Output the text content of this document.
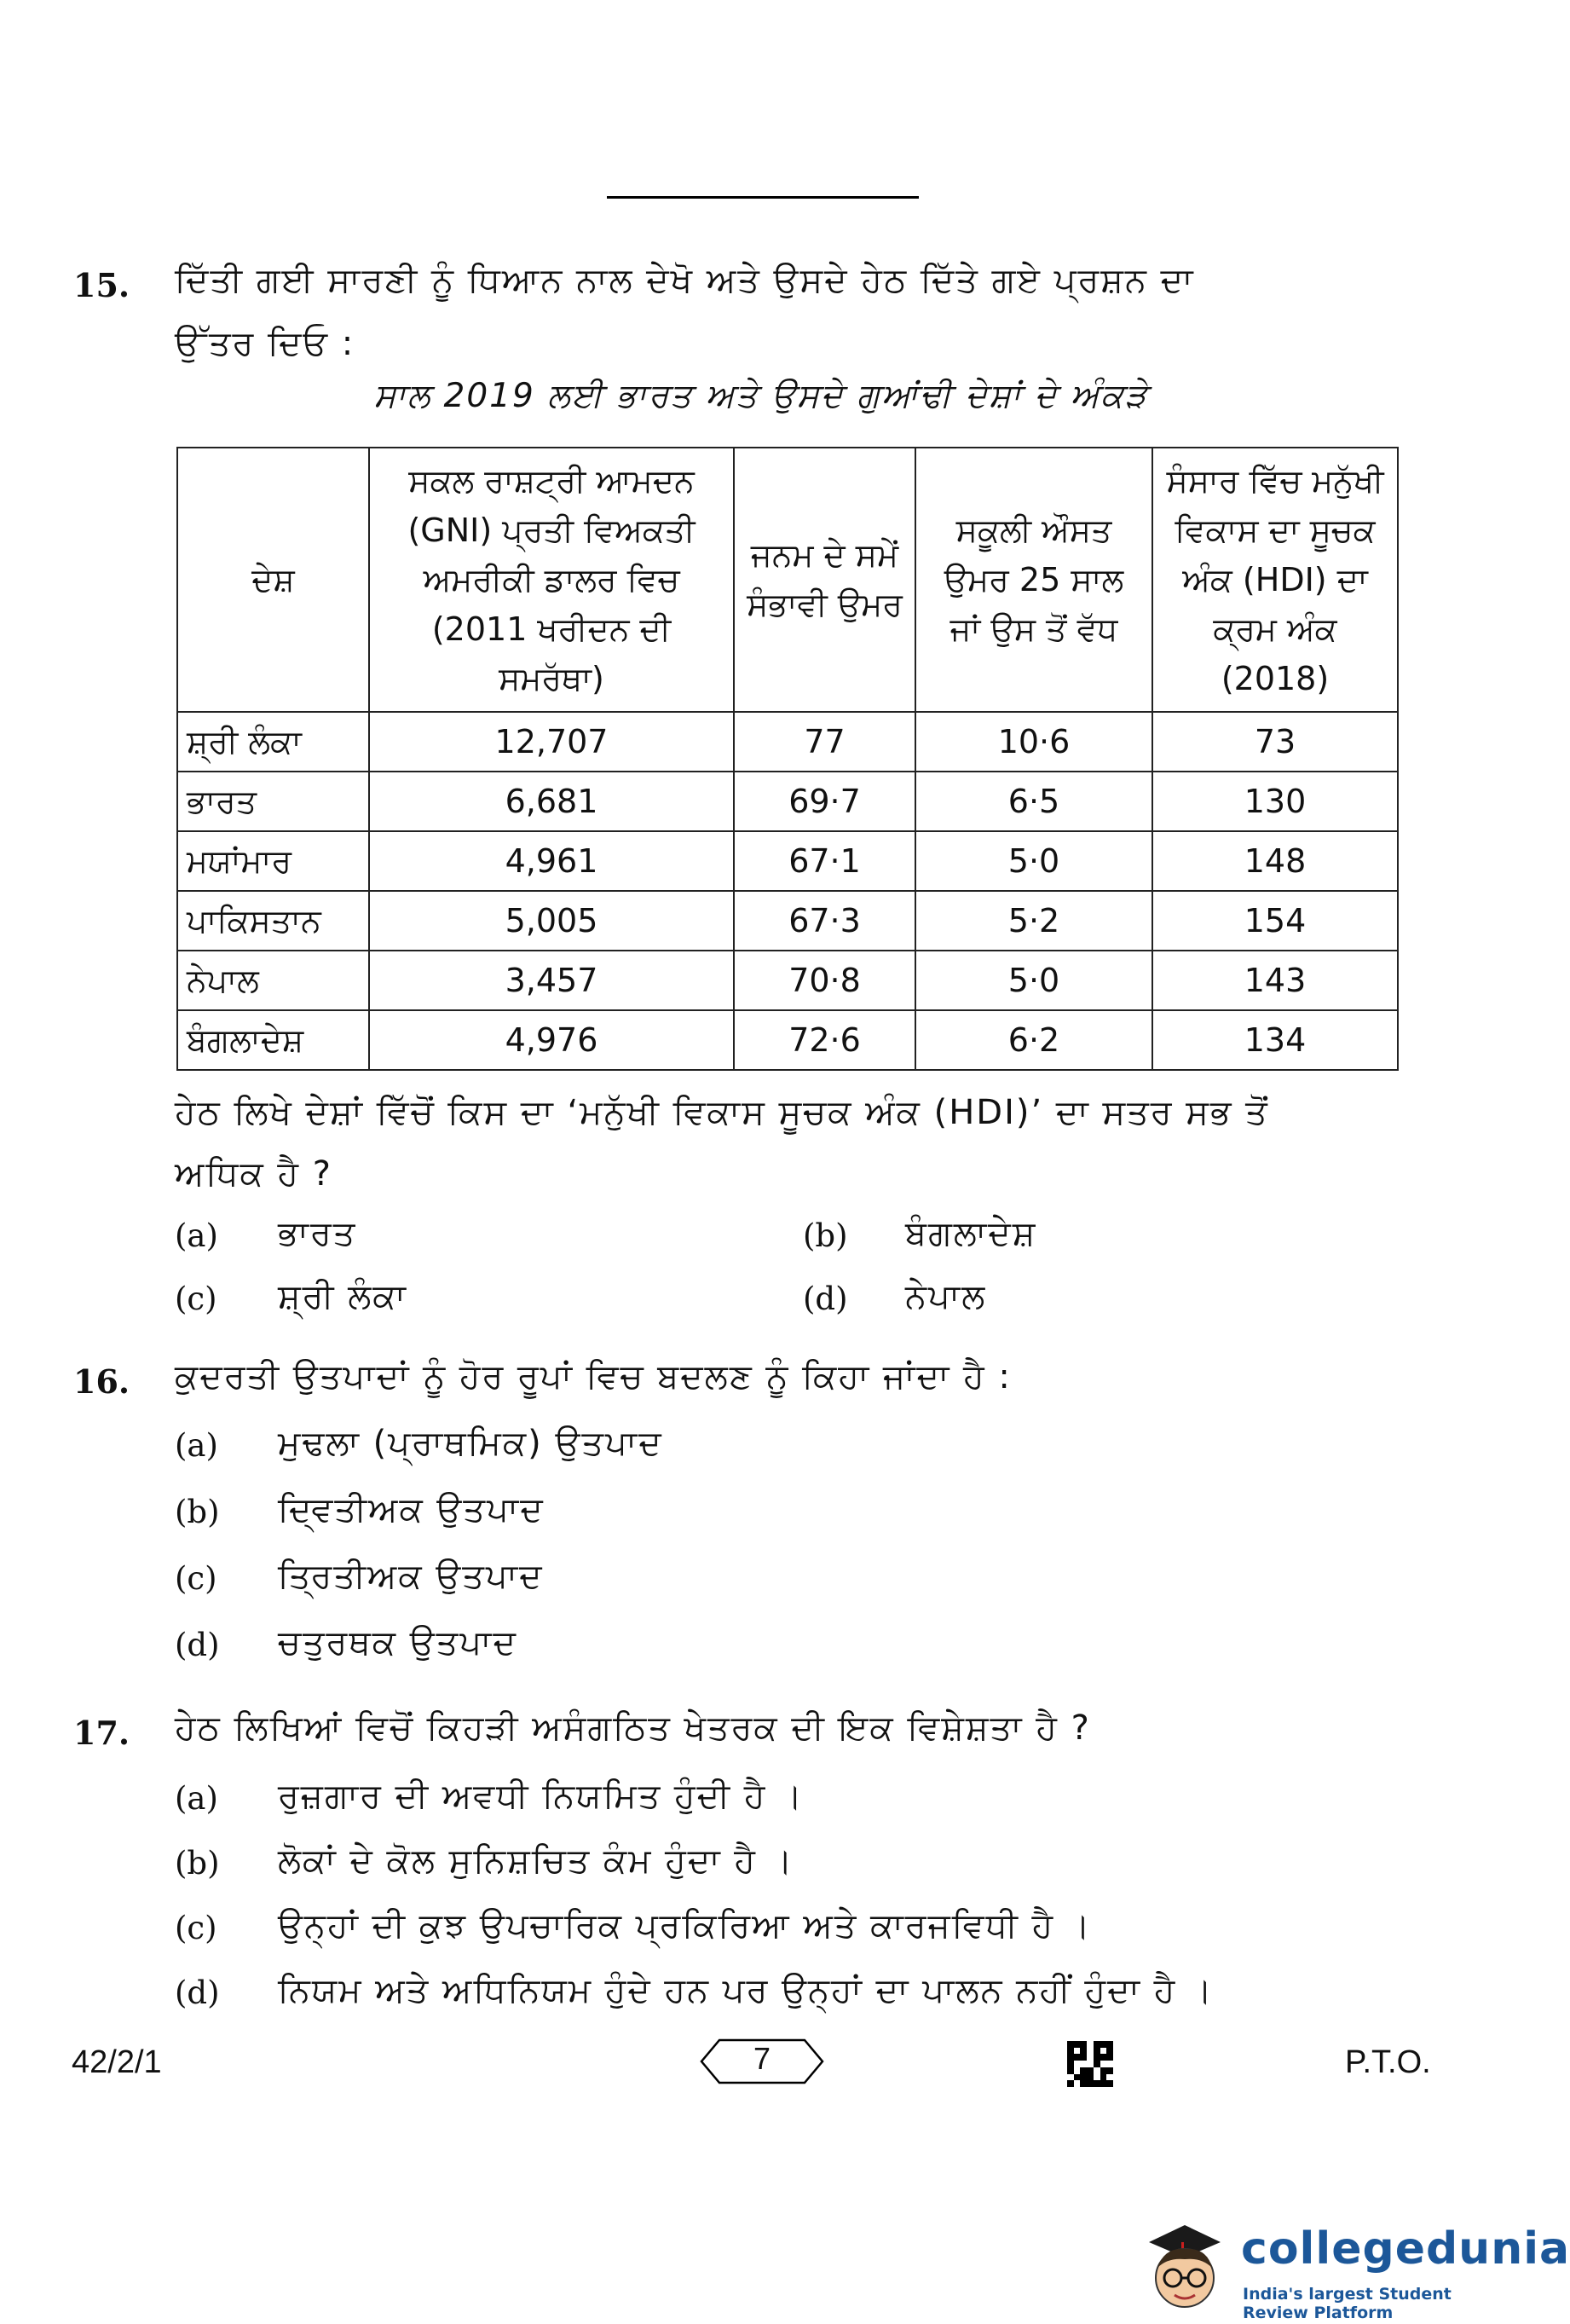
15. ਦਿੱਤੀ ਗਈ ਸਾਰਣੀ ਨੂੰ ਧਿਆਨ ਨਾਲ ਦੇਖੋ ਅਤੇ ਉਸਦੇ ਹੇਠ ਦਿੱਤੇ ਗਏ ਪ੍ਰਸ਼ਨ ਦਾ
ਉੱਤਰ ਦਿਓ :
ਸਾਲ 2019 ਲਈ ਭਾਰਤ ਅਤੇ ਉਸਦੇ ਗੁਆਂਢੀ ਦੇਸ਼ਾਂ ਦੇ ਅੰਕੜੇ
ਦੇਸ਼	ਸਕਲ ਰਾਸ਼ਟ੍ਰੀ ਆਮਦਨ (GNI) ਪ੍ਰਤੀ ਵਿਅਕਤੀ ਅਮਰੀਕੀ ਡਾਲਰ ਵਿਚ (2011 ਖਰੀਦਨ ਦੀ ਸਮਰੱਥਾ)	ਜਨਮ ਦੇ ਸਮੇਂ ਸੰਭਾਵੀ ਉਮਰ	ਸਕੂਲੀ ਔਸਤ ਉਮਰ 25 ਸਾਲ ਜਾਂ ਉਸ ਤੋਂ ਵੱਧ	ਸੰਸਾਰ ਵਿੱਚ ਮਨੁੱਖੀ ਵਿਕਾਸ ਦਾ ਸੂਚਕ ਅੰਕ (HDI) ਦਾ ਕ੍ਰਮ ਅੰਕ (2018)
ਸ਼੍ਰੀ ਲੰਕਾ	12,707	77	10·6	73
ਭਾਰਤ	6,681	69·7	6·5	130
ਮਯਾਂਮਾਰ	4,961	67·1	5·0	148
ਪਾਕਿਸਤਾਨ	5,005	67·3	5·2	154
ਨੇਪਾਲ	3,457	70·8	5·0	143
ਬੰਗਲਾਦੇਸ਼	4,976	72·6	6·2	134
ਹੇਠ ਲਿਖੇ ਦੇਸ਼ਾਂ ਵਿੱਚੋਂ ਕਿਸ ਦਾ ‘ਮਨੁੱਖੀ ਵਿਕਾਸ ਸੂਚਕ ਅੰਕ (HDI)’ ਦਾ ਸਤਰ ਸਭ ਤੋਂ
ਅਧਿਕ ਹੈ ?
(a) ਭਾਰਤ	(b) ਬੰਗਲਾਦੇਸ਼
(c) ਸ਼੍ਰੀ ਲੰਕਾ	(d) ਨੇਪਾਲ
16. ਕੁਦਰਤੀ ਉਤਪਾਦਾਂ ਨੂੰ ਹੋਰ ਰੂਪਾਂ ਵਿਚ ਬਦਲਣ ਨੂੰ ਕਿਹਾ ਜਾਂਦਾ ਹੈ :
(a) ਮੁਢਲਾ (ਪ੍ਰਾਥਮਿਕ) ਉਤਪਾਦ
(b) ਦ੍ਵਿਤੀਅਕ ਉਤਪਾਦ
(c) ਤ੍ਰਿਤੀਅਕ ਉਤਪਾਦ
(d) ਚਤੁਰਥਕ ਉਤਪਾਦ
17. ਹੇਠ ਲਿਖਿਆਂ ਵਿਚੋਂ ਕਿਹੜੀ ਅਸੰਗਠਿਤ ਖੇਤਰਕ ਦੀ ਇਕ ਵਿਸ਼ੇਸ਼ਤਾ ਹੈ ?
(a) ਰੁਜ਼ਗਾਰ ਦੀ ਅਵਧੀ ਨਿਯਮਿਤ ਹੁੰਦੀ ਹੈ ।
(b) ਲੋਕਾਂ ਦੇ ਕੋਲ ਸੁਨਿਸ਼ਚਿਤ ਕੰਮ ਹੁੰਦਾ ਹੈ ।
(c) ਉਨ੍ਹਾਂ ਦੀ ਕੁਝ ਉਪਚਾਰਿਕ ਪ੍ਰਕਿਰਿਆ ਅਤੇ ਕਾਰਜਵਿਧੀ ਹੈ ।
(d) ਨਿਯਮ ਅਤੇ ਅਧਿਨਿਯਮ ਹੁੰਦੇ ਹਨ ਪਰ ਉਨ੍ਹਾਂ ਦਾ ਪਾਲਨ ਨਹੀਂ ਹੁੰਦਾ ਹੈ ।
42/2/1	7	P.T.O.
collegedunia
India's largest Student Review Platform
